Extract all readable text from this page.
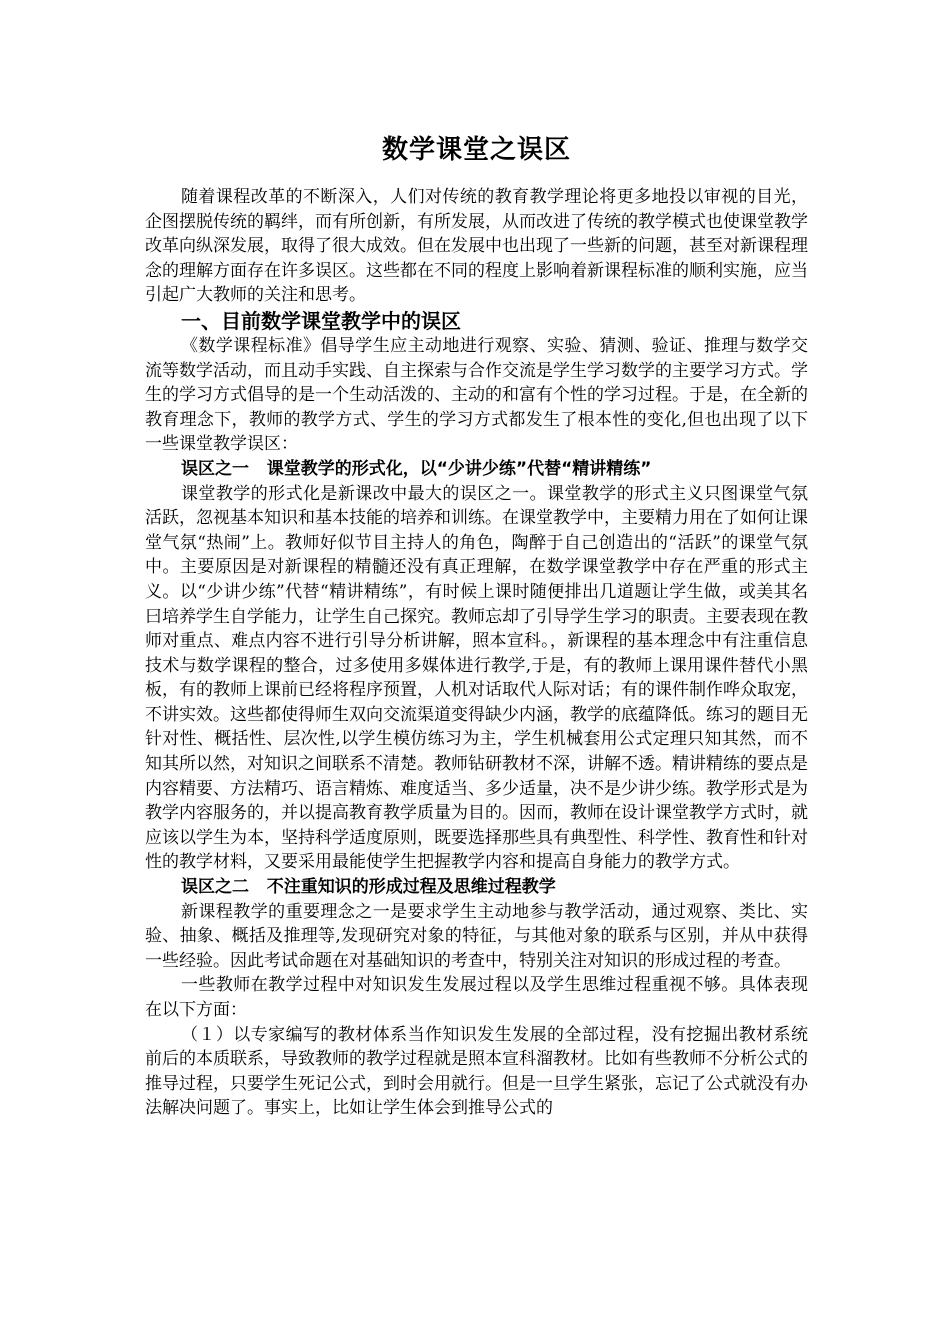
数学课堂之误区

随着课程改革的不断深入，人们对传统的教育教学理论将更多地投以审视的目光，企图摆脱传统的羁绊，而有所创新，有所发展，从而改进了传统的教学模式也使课堂教学改革向纵深发展，取得了很大成效。但在发展中也出现了一些新的问题，甚至对新课程理念的理解方面存在许多误区。这些都在不同的程度上影响着新课程标准的顺利实施，应当引起广大教师的关注和思考。

一、目前数学课堂教学中的误区

《数学课程标准》倡导学生应主动地进行观察、实验、猜测、验证、推理与数学交流等数学活动，而且动手实践、自主探索与合作交流是学生学习数学的主要学习方式。学生的学习方式倡导的是一个生动活泼的、主动的和富有个性的学习过程。于是，在全新的教育理念下，教师的教学方式、学生的学习方式都发生了根本性的变化,但也出现了以下一些课堂教学误区：

误区之一   课堂教学的形式化，以“少讲少练”代替“精讲精练”

课堂教学的形式化是新课改中最大的误区之一。课堂教学的形式主义只图课堂气氛活跃，忽视基本知识和基本技能的培养和训练。在课堂教学中，主要精力用在了如何让课堂气氛“热闹”上。教师好似节目主持人的角色，陶醉于自己创造出的“活跃”的课堂气氛中。主要原因是对新课程的精髓还没有真正理解，在数学课堂教学中存在严重的形式主义。以“少讲少练”代替“精讲精练”，有时候上课时随便排出几道题让学生做，或美其名曰培养学生自学能力，让学生自己探究。教师忘却了引导学生学习的职责。主要表现在教师对重点、难点内容不进行引导分析讲解，照本宣科。，新课程的基本理念中有注重信息技术与数学课程的整合，过多使用多媒体进行教学,于是，有的教师上课用课件替代小黑板，有的教师上课前已经将程序预置，人机对话取代人际对话；有的课件制作哗众取宠，不讲实效。这些都使得师生双向交流渠道变得缺少内涵，教学的底蕴降低。练习的题目无针对性、概括性、层次性,以学生模仿练习为主，学生机械套用公式定理只知其然，而不知其所以然，对知识之间联系不清楚。教师钻研教材不深，讲解不透。精讲精练的要点是内容精要、方法精巧、语言精炼、难度适当、多少适量，决不是少讲少练。教学形式是为教学内容服务的，并以提高教育教学质量为目的。因而，教师在设计课堂教学方式时，就应该以学生为本，坚持科学适度原则，既要选择那些具有典型性、科学性、教育性和针对性的教学材料，又要采用最能使学生把握教学内容和提高自身能力的教学方式。

误区之二   不注重知识的形成过程及思维过程教学

新课程教学的重要理念之一是要求学生主动地参与教学活动，通过观察、类比、实验、抽象、概括及推理等,发现研究对象的特征，与其他对象的联系与区别，并从中获得一些经验。因此考试命题在对基础知识的考查中，特别关注对知识的形成过程的考查。

一些教师在教学过程中对知识发生发展过程以及学生思维过程重视不够。具体表现在以下方面：

（１）以专家编写的教材体系当作知识发生发展的全部过程，没有挖掘出教材系统前后的本质联系，导致教师的教学过程就是照本宣科溜教材。比如有些教师不分析公式的推导过程，只要学生死记公式，到时会用就行。但是一旦学生紧张，忘记了公式就没有办法解决问题了。事实上，比如让学生体会到推导公式的
